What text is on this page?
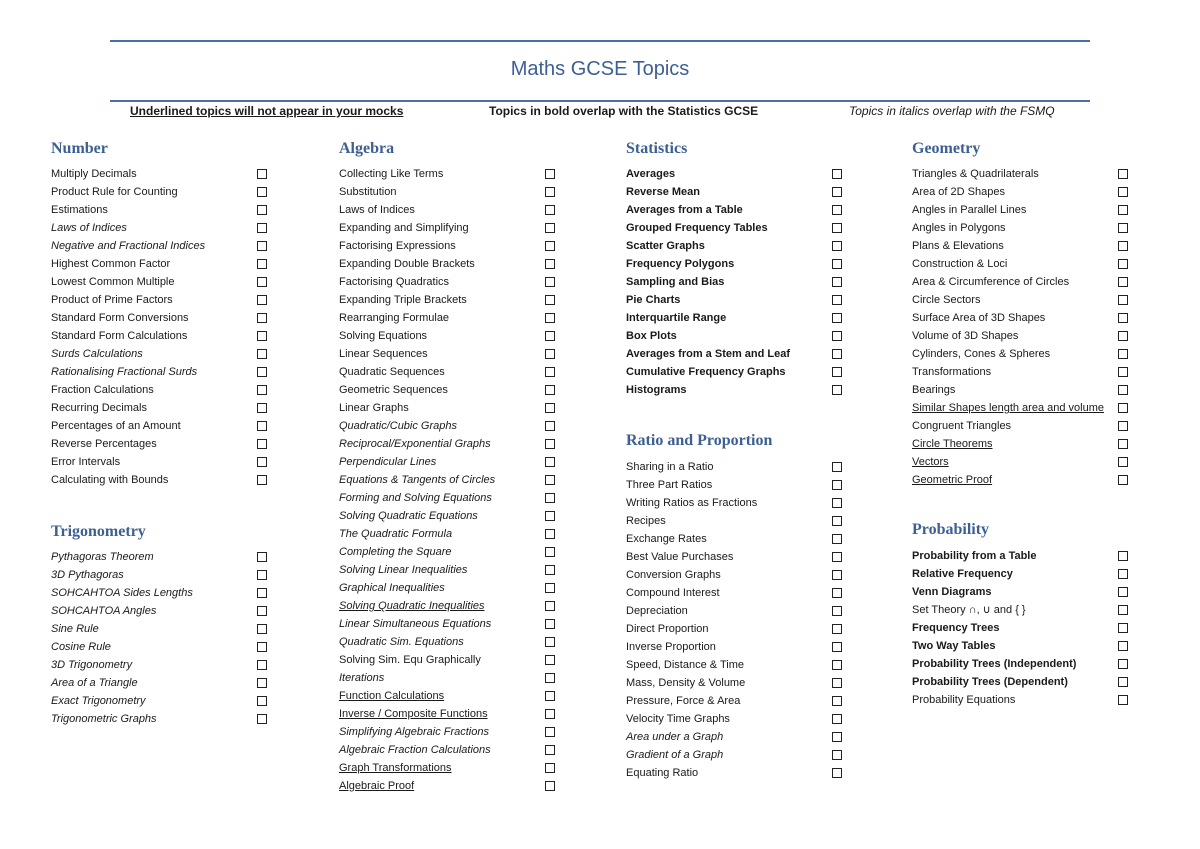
Maths GCSE Topics
Underlined topics will not appear in your mocks	Topics in bold overlap with the Statistics GCSE	Topics in italics overlap with the FSMQ
Number
Multiply Decimals
Product Rule for Counting
Estimations
Laws of Indices
Negative and Fractional Indices
Highest Common Factor
Lowest Common Multiple
Product of Prime Factors
Standard Form Conversions
Standard Form Calculations
Surds Calculations
Rationalising Fractional Surds
Fraction Calculations
Recurring Decimals
Percentages of an Amount
Reverse Percentages
Error Intervals
Calculating with Bounds
Trigonometry
Pythagoras Theorem
3D Pythagoras
SOHCAHTOA Sides Lengths
SOHCAHTOA Angles
Sine Rule
Cosine Rule
3D Trigonometry
Area of a Triangle
Exact Trigonometry
Trigonometric Graphs
Algebra
Collecting Like Terms
Substitution
Laws of Indices
Expanding and Simplifying
Factorising Expressions
Expanding Double Brackets
Factorising Quadratics
Expanding Triple Brackets
Rearranging Formulae
Solving Equations
Linear Sequences
Quadratic Sequences
Geometric Sequences
Linear Graphs
Quadratic/Cubic Graphs
Reciprocal/Exponential Graphs
Perpendicular Lines
Equations & Tangents of Circles
Forming and Solving Equations
Solving Quadratic Equations
The Quadratic Formula
Completing the Square
Solving Linear Inequalities
Graphical Inequalities
Solving Quadratic Inequalities
Linear Simultaneous Equations
Quadratic Sim. Equations
Solving Sim. Equ Graphically
Iterations
Function Calculations
Inverse / Composite Functions
Simplifying Algebraic Fractions
Algebraic Fraction Calculations
Graph Transformations
Algebraic Proof
Statistics
Averages
Reverse Mean
Averages from a Table
Grouped Frequency Tables
Scatter Graphs
Frequency Polygons
Sampling and Bias
Pie Charts
Interquartile Range
Box Plots
Averages from a Stem and Leaf
Cumulative Frequency Graphs
Histograms
Ratio and Proportion
Sharing in a Ratio
Three Part Ratios
Writing Ratios as Fractions
Recipes
Exchange Rates
Best Value Purchases
Conversion Graphs
Compound Interest
Depreciation
Direct Proportion
Inverse Proportion
Speed, Distance & Time
Mass, Density & Volume
Pressure, Force & Area
Velocity Time Graphs
Area under a Graph
Gradient of a Graph
Equating Ratio
Geometry
Triangles & Quadrilaterals
Area of 2D Shapes
Angles in Parallel Lines
Angles in Polygons
Plans & Elevations
Construction & Loci
Area & Circumference of Circles
Circle Sectors
Surface Area of 3D Shapes
Volume of 3D Shapes
Cylinders, Cones & Spheres
Transformations
Bearings
Similar Shapes length area and volume
Congruent Triangles
Circle Theorems
Vectors
Geometric Proof
Probability
Probability from a Table
Relative Frequency
Venn Diagrams
Set Theory ∩, ∪ and { }
Frequency Trees
Two Way Tables
Probability Trees (Independent)
Probability Trees (Dependent)
Probability Equations
